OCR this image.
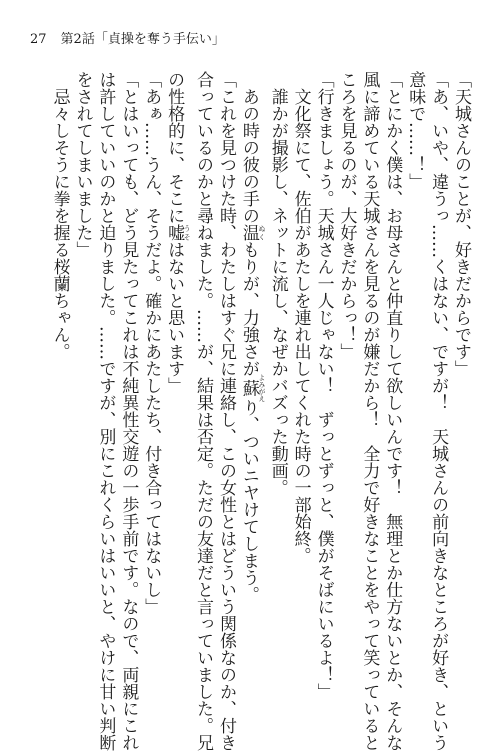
27 第2話「貞操を奪う手伝い」
「天城さんのことが、好きだからです」
「あ、いや、違うっ……くはない、ですが！　天城さんの前向きなところが好き、という
意味で……！」
「とにかく僕は、お母さんと仲直りして欲しいんです！　無理とか仕方ないとか、そんな
風に諦めている天城さんを見るのが嫌だから！　全力で好きなことをやって笑っていると
ころを見るのが、大好きだからっ！」
「行きましょう。天城さん一人じゃない！　ずっとずっと、僕がそばにいるよ！」
　文化祭にて、佐伯があたしを連れ出してくれた時の一部始終。
　誰かが撮影し、ネットに流し、なぜかバズった動画。
　あの時の彼の手の温 ぬくもりが、力強さが蘇 よみがえり、ついニヤけてしまう。
「これを見つけた時、わたしはすぐ兄に連絡し、この女性とはどういう関係なのか、付き
合っているのかと尋ねました。……が、結果は否定。ただの友達だと言っていました。兄
の性格的に、そこに嘘 うそはないと思います」
「あぁ……うん、そうだよ。確かにあたしたち、付き合ってはないし」
「とはいっても、どう見たってこれは不純異性交遊の一歩手前です。なので、両親にこれ
は許していいのかと迫りました。……ですが、別にこれくらいはいいと、やけに甘い判断
をされてしまいました」
　忌々しそうに拳を握る桜蘭ちゃん。
